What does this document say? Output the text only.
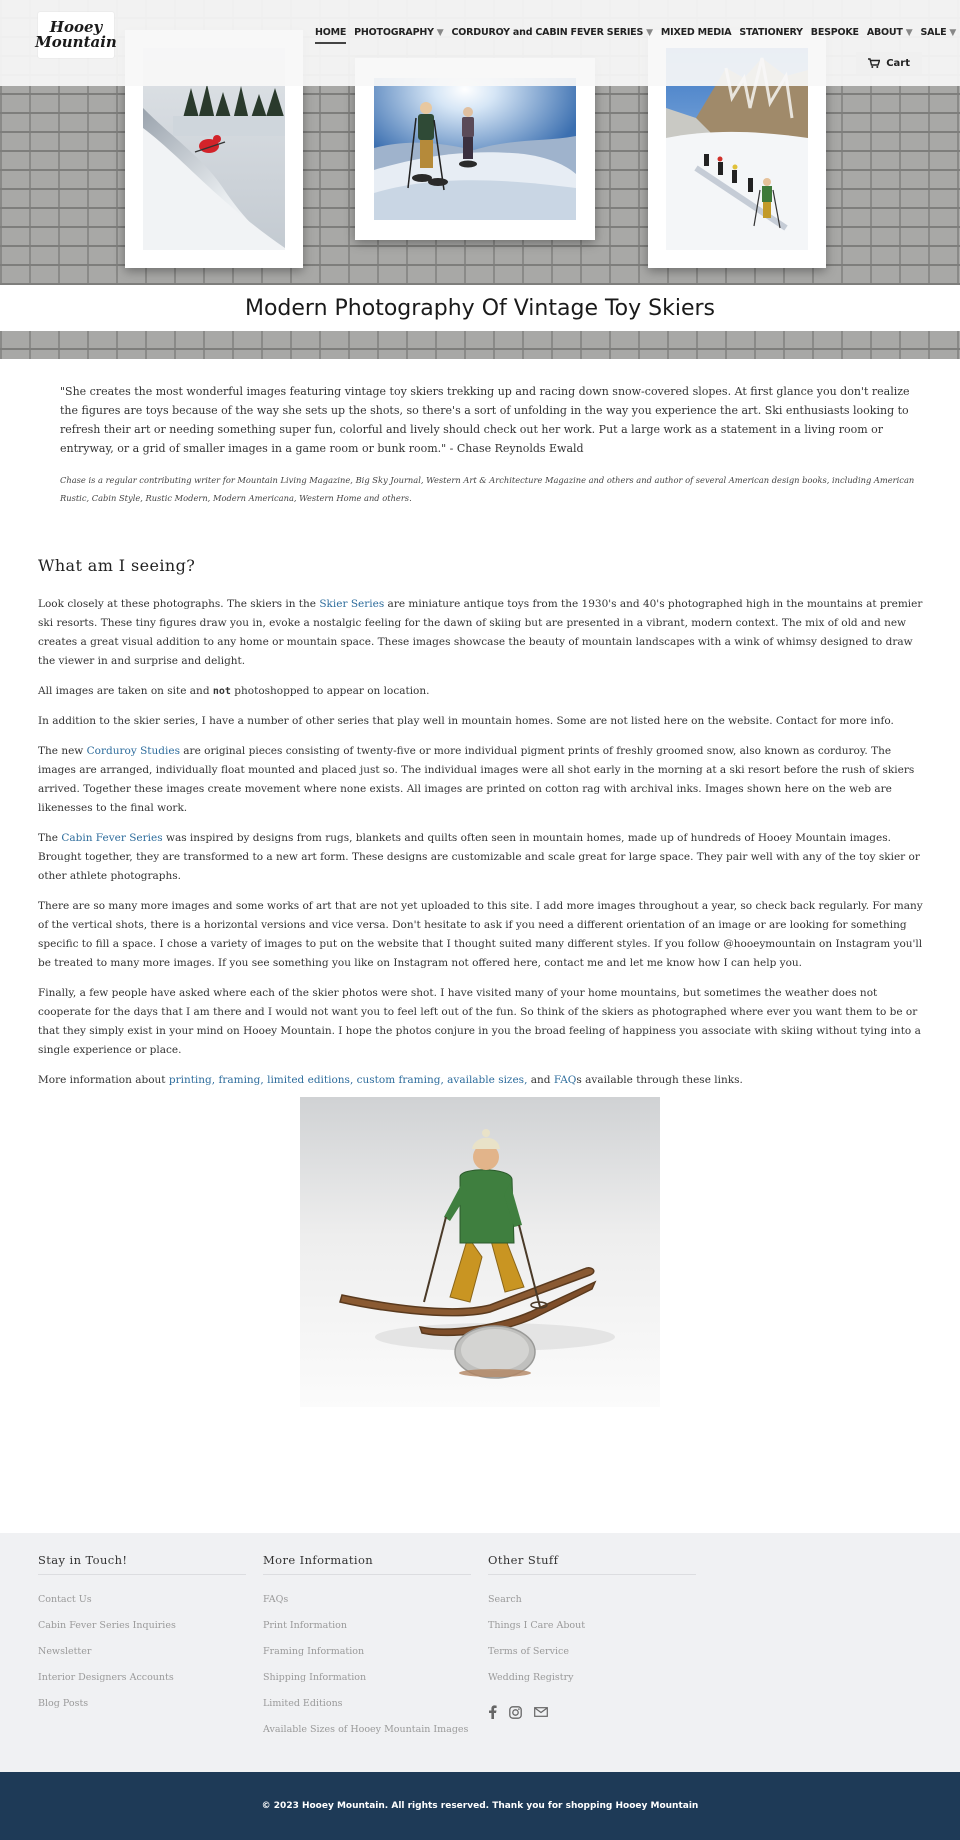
Hooey
Mountain
HOME PHOTOGRAPHY ▼ CORDUROY and CABIN FEVER SERIES ▼ MIXED MEDIA STATIONERY BESPOKE ABOUT ▼ SALE ▼
Cart
Modern Photography Of Vintage Toy Skiers

"She creates the most wonderful images featuring vintage toy skiers trekking up and racing down snow-covered slopes. At first glance you don't realize the figures are toys because of the way she sets up the shots, so there's a sort of unfolding in the way you experience the art. Ski enthusiasts looking to refresh their art or needing something super fun, colorful and lively should check out her work. Put a large work as a statement in a living room or entryway, or a grid of smaller images in a game room or bunk room." - Chase Reynolds Ewald

Chase is a regular contributing writer for Mountain Living Magazine, Big Sky Journal, Western Art & Architecture Magazine and others and author of several American design books, including American Rustic, Cabin Style, Rustic Modern, Modern Americana, Western Home and others.

What am I seeing?

Look closely at these photographs. The skiers in the Skier Series are miniature antique toys from the 1930's and 40's photographed high in the mountains at premier ski resorts. These tiny figures draw you in, evoke a nostalgic feeling for the dawn of skiing but are presented in a vibrant, modern context. The mix of old and new creates a great visual addition to any home or mountain space. These images showcase the beauty of mountain landscapes with a wink of whimsy designed to draw the viewer in and surprise and delight.

All images are taken on site and not photoshopped to appear on location.

In addition to the skier series, I have a number of other series that play well in mountain homes. Some are not listed here on the website. Contact for more info.

The new Corduroy Studies are original pieces consisting of twenty-five or more individual pigment prints of freshly groomed snow, also known as corduroy. The images are arranged, individually float mounted and placed just so. The individual images were all shot early in the morning at a ski resort before the rush of skiers arrived. Together these images create movement where none exists. All images are printed on cotton rag with archival inks. Images shown here on the web are likenesses to the final work.

The Cabin Fever Series was inspired by designs from rugs, blankets and quilts often seen in mountain homes, made up of hundreds of Hooey Mountain images. Brought together, they are transformed to a new art form. These designs are customizable and scale great for large space. They pair well with any of the toy skier or other athlete photographs.

There are so many more images and some works of art that are not yet uploaded to this site. I add more images throughout a year, so check back regularly. For many of the vertical shots, there is a horizontal versions and vice versa. Don't hesitate to ask if you need a different orientation of an image or are looking for something specific to fill a space. I chose a variety of images to put on the website that I thought suited many different styles. If you follow @hooeymountain on Instagram you'll be treated to many more images. If you see something you like on Instagram not offered here, contact me and let me know how I can help you.

Finally, a few people have asked where each of the skier photos were shot. I have visited many of your home mountains, but sometimes the weather does not cooperate for the days that I am there and I would not want you to feel left out of the fun. So think of the skiers as photographed where ever you want them to be or that they simply exist in your mind on Hooey Mountain. I hope the photos conjure in you the broad feeling of happiness you associate with skiing without tying into a single experience or place.

More information about printing, framing, limited editions, custom framing, available sizes, and FAQs available through these links.

Stay in Touch!
Contact Us
Cabin Fever Series Inquiries
Newsletter
Interior Designers Accounts
Blog Posts
More Information
FAQs
Print Information
Framing Information
Shipping Information
Limited Editions
Available Sizes of Hooey Mountain Images
Other Stuff
Search
Things I Care About
Terms of Service
Wedding Registry
© 2023 Hooey Mountain. All rights reserved. Thank you for shopping Hooey Mountain
